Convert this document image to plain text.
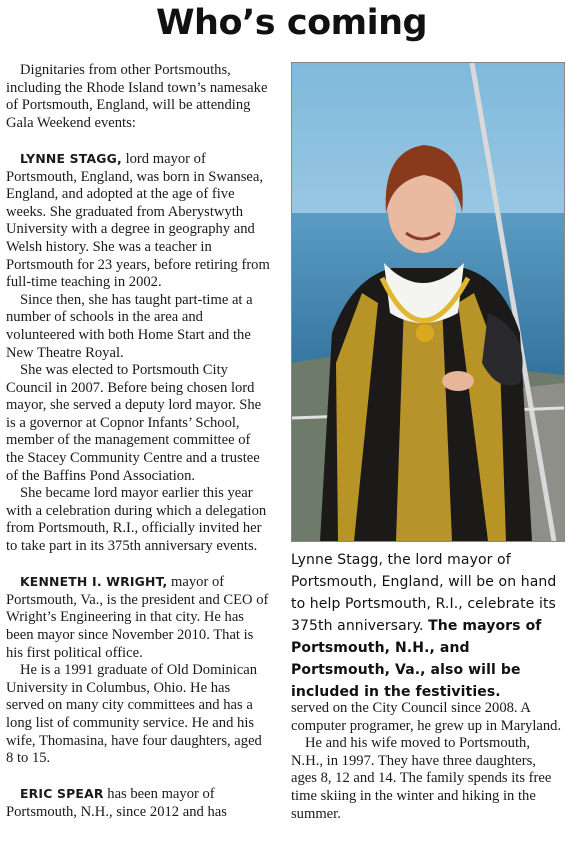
Who’s coming

Dignitaries from other Portsmouths, including the Rhode Island town’s namesake of Portsmouth, England, will be attending Gala Weekend events:

LYNNE STAGG, lord mayor of Portsmouth, England, was born in Swansea, England, and adopted at the age of five weeks. She graduated from Aberystwyth University with a degree in geography and Welsh history. She was a teacher in Portsmouth for 23 years, before retiring from full-time teaching in 2002.

Since then, she has taught part-time at a number of schools in the area and volunteered with both Home Start and the New Theatre Royal.

She was elected to Portsmouth City Council in 2007. Before being chosen lord mayor, she served a deputy lord mayor. She is a governor at Copnor Infants’ School, member of the management committee of the Stacey Community Centre and a trustee of the Baffins Pond Association.

She became lord mayor earlier this year with a celebration during which a delegation from Portsmouth, R.I., officially invited her to take part in its 375th anniversary events.

KENNETH I. WRIGHT, mayor of Portsmouth, Va., is the president and CEO of Wright’s Engineering in that city. He has been mayor since November 2010. That is his first political office.

He is a 1991 graduate of Old Dominican University in Columbus, Ohio. He has served on many city committees and has a long list of community service. He and his wife, Thomasina, have four daughters, aged 8 to 15.

ERIC SPEAR has been mayor of Portsmouth, N.H., since 2012 and has

Lynne Stagg, the lord mayor of Portsmouth, England, will be on hand to help Portsmouth, R.I., celebrate its 375th anniversary. The mayors of Portsmouth, N.H., and Portsmouth, Va., also will be included in the festivities.

served on the City Council since 2008. A computer programer, he grew up in Maryland.

He and his wife moved to Portsmouth, N.H., in 1997. They have three daughters, ages 8, 12 and 14. The family spends its free time skiing in the winter and hiking in the summer.
